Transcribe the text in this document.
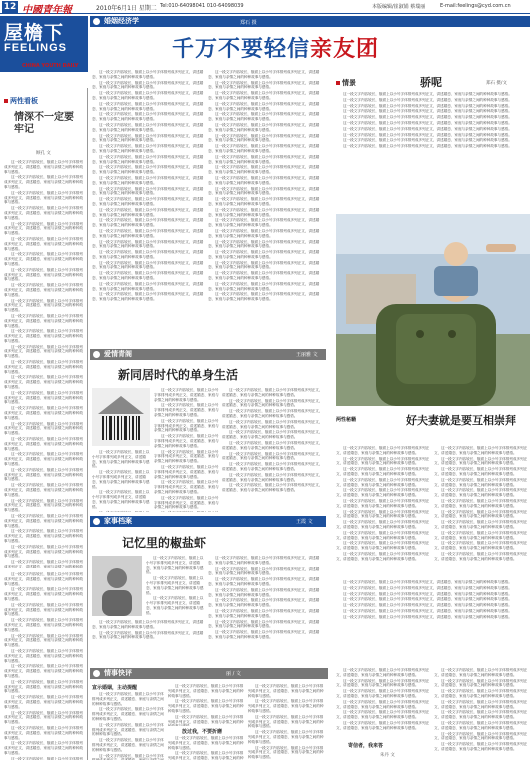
12 中國青年報	2010年6月1日 星期二 Tel:010-64098041 010-64098039	本版编辑/崔淑娟 蔡瑞丽	E-mail:feelings@cyd.com.cn
屋檐下
FEELINGS
CHINA YOUTH DAILY
婚姻经济学	郑石 摄
千万不要轻信亲友团
两性看板
情深不一定要牢记
顾孔 文

这一段文字内容较长，版面上以小号字体排列成多列正文，讲述婚恋、家庭与亲情之间的种种故事与感悟。

这一段文字内容较长，版面上以小号字体排列成多列正文，讲述婚恋、家庭与亲情之间的种种故事与感悟。

这一段文字内容较长，版面上以小号字体排列成多列正文，讲述婚恋、家庭与亲情之间的种种故事与感悟。

这一段文字内容较长，版面上以小号字体排列成多列正文，讲述婚恋、家庭与亲情之间的种种故事与感悟。

这一段文字内容较长，版面上以小号字体排列成多列正文，讲述婚恋、家庭与亲情之间的种种故事与感悟。

这一段文字内容较长，版面上以小号字体排列成多列正文，讲述婚恋、家庭与亲情之间的种种故事与感悟。

这一段文字内容较长，版面上以小号字体排列成多列正文，讲述婚恋、家庭与亲情之间的种种故事与感悟。

这一段文字内容较长，版面上以小号字体排列成多列正文，讲述婚恋、家庭与亲情之间的种种故事与感悟。

这一段文字内容较长，版面上以小号字体排列成多列正文，讲述婚恋、家庭与亲情之间的种种故事与感悟。

这一段文字内容较长，版面上以小号字体排列成多列正文，讲述婚恋、家庭与亲情之间的种种故事与感悟。

这一段文字内容较长，版面上以小号字体排列成多列正文，讲述婚恋、家庭与亲情之间的种种故事与感悟。

这一段文字内容较长，版面上以小号字体排列成多列正文，讲述婚恋、家庭与亲情之间的种种故事与感悟。

这一段文字内容较长，版面上以小号字体排列成多列正文，讲述婚恋、家庭与亲情之间的种种故事与感悟。

这一段文字内容较长，版面上以小号字体排列成多列正文，讲述婚恋、家庭与亲情之间的种种故事与感悟。

这一段文字内容较长，版面上以小号字体排列成多列正文，讲述婚恋、家庭与亲情之间的种种故事与感悟。

这一段文字内容较长，版面上以小号字体排列成多列正文，讲述婚恋、家庭与亲情之间的种种故事与感悟。

这一段文字内容较长，版面上以小号字体排列成多列正文，讲述婚恋、家庭与亲情之间的种种故事与感悟。

这一段文字内容较长，版面上以小号字体排列成多列正文，讲述婚恋、家庭与亲情之间的种种故事与感悟。

这一段文字内容较长，版面上以小号字体排列成多列正文，讲述婚恋、家庭与亲情之间的种种故事与感悟。

这一段文字内容较长，版面上以小号字体排列成多列正文，讲述婚恋、家庭与亲情之间的种种故事与感悟。

这一段文字内容较长，版面上以小号字体排列成多列正文，讲述婚恋、家庭与亲情之间的种种故事与感悟。

这一段文字内容较长，版面上以小号字体排列成多列正文，讲述婚恋、家庭与亲情之间的种种故事与感悟。

这一段文字内容较长，版面上以小号字体排列成多列正文，讲述婚恋、家庭与亲情之间的种种故事与感悟。

这一段文字内容较长，版面上以小号字体排列成多列正文，讲述婚恋、家庭与亲情之间的种种故事与感悟。

这一段文字内容较长，版面上以小号字体排列成多列正文，讲述婚恋、家庭与亲情之间的种种故事与感悟。

这一段文字内容较长，版面上以小号字体排列成多列正文，讲述婚恋、家庭与亲情之间的种种故事与感悟。

这一段文字内容较长，版面上以小号字体排列成多列正文，讲述婚恋、家庭与亲情之间的种种故

这一段文字内容较长，版面上以小号字体排列成多列正文，讲述婚恋、家庭与亲情之间的种种故事与感悟。

这一段文字内容较长，版面上以小号字体排列成多列正文，讲述婚恋、家庭与亲情之间的种种故事与感悟。

这一段文字内容较长，版面上以小号字体排列成多列正文，讲述婚恋、家庭与亲情之间的种种故事与感悟。

这一段文字内容较长，版面上以小号字体排列成多列正文，讲述婚恋、家庭与亲情之间的种种故事与感悟。

这一段文字内容较长，版面上以小号字体排列成多列正文，讲述婚恋、家庭与亲情之间的种种故事与感悟。

这一段文字内容较长，版面上以小号字体排列成多列正文，讲述婚恋、家庭与亲情之间的种种故事与感悟。

这一段文字内容较长，版面上以小号字体排列成多列正文，讲述婚恋、家庭与亲情之间的种种故事与感悟。

这一段文字内容较长，版面上以小号字体排列成多列正文，讲述婚恋、家庭与亲情之间的种种故事与感悟。

这一段文字内容较长，版面上以小号字体排列成多列正文，讲述婚恋、家庭与亲情之间的种种故事与感悟。

这一段文字内容较长，版面上以小号字体排列成多列正文，讲述婚恋、家庭与亲情之间的种种故事与感悟。

这一段文字内容较长，版面上以小号字体排列成多列正文，讲述婚恋、家庭与亲情之间的种种故事与感悟。

这一段文字内容较长，版面上以小号字体排列成多列正文，讲述婚恋、家庭与亲情之间的种种故事与感悟。

这一段文字内容较长，版面上以小号字体排列

这一段文字内容较长，版面上以小号字体排列成多列正文，讲述婚恋、家庭与亲情之间的种种故事与感悟。

这一段文字内容较长，版面上以小号字体排列成多列正文，讲述婚恋、家庭与亲情之间的种种故事与感悟。

这一段文字内容较长，版面上以小号字体排列成多列正文，讲述婚恋、家庭与亲情之间的种种故事与感悟。

这一段文字内容较长，版面上以小号字体排列成多列正文，讲述婚恋、家庭与亲情之间的种种故事与感悟。

这一段文字内容较长，版面上以小号字体排列成多列正文，讲述婚恋、家庭与亲情之间的种种故事与感悟。

这一段文字内容较长，版面上以小号字体排列成多列正文，讲述婚恋、家庭与亲情之间的种种故事与感悟。

这一段文字内容较长，版面上以小号字体排列成多列正文，讲述婚恋、家庭与亲情之间的种种故事与感悟。

这一段文字内容较长，版面上以小号字体排列成多列正文，讲述婚恋、家庭与亲情之间的种种故事与感悟。

这一段文字内容较长，版面上以小号字体排列成多列正文，讲述婚恋、家庭与亲情之间的种种故事与感悟。

这一段文字内容较长，版面上以小号字体排列成多列正文，讲述婚恋、家庭与亲情之间的种种故事与感悟。

这一段文字内容较长，版面上以小号字体排列成多列正文，讲述婚恋、家庭与亲情之间的种种故事与感悟。

这一段文字内容较长，版面上以小号字体排列成多列正文，讲述婚恋、家庭与亲情之间的种种故事与感悟。

这一段文字内容较长，版面上以小号字体排列成多列正文，讲述婚恋、家庭与亲情之间的种种故事与感悟。

这一段文字内容较长，版面上以小号字体排列成多列正文，讲述婚恋、家庭与亲情之间的种种故事与感悟。

这一段文字内容较长，版面上以小号字体排列成多列正文，讲述婚恋、家庭与亲情之间的种种故事与感悟。

这一段文字内容较长，版面上以小号字体排列成多列正文，讲述婚恋、家庭与亲情之间的种种故事与感悟。

这一段文字内容较长，版面上以小号字体排列成多列正文，讲述婚恋、家庭与亲情之间的种种故事与感悟。

这一段文字内容较长，版面上以小号字体排列成多列正文，讲述婚恋、家庭与亲情之间的种种故事与感悟。

这一段文字内容较长，版面上以小号字体排列成多列正文，讲述婚恋、家庭与亲情之间的种种故事与感悟。

这一段文字内容较长，版面上以小号字体排列成多列正文，讲述婚恋、家庭与亲情之间的种种故事与感悟。

这一段文字内容较长，版面上以小号字体排列成多列正文，讲述婚恋、家庭与亲情之间的种种故事与感悟。

这一段文字内容较长，版面上以小号字体排列成多列正文，讲述婚恋、家庭与亲情之间的种种故事与感悟。

这一段文字内容较长，版面上以小号字体排列成多列正文，讲述婚恋、家庭与亲情之间的种种故事与感悟。

这一段文字内容较长，版面上以小号字体排列成多列正文，讲述婚恋、家庭与亲情之间的种种故事与感悟。

这一段文字内容较长，版面上以小号字体排列成多列正文，讲述婚恋、家庭与亲情之间的种种故事与感悟。

这一段文字内容较长，版面上以小号字体排列成多列正文，讲述婚恋、家庭与亲情之间的种种故事与感悟。

这一段文字内容较长，版面上以小号字体排列成多列正文，讲述婚恋、家庭与亲情之间的种种故事与感悟。

这一段文字内容较长，版面上以小号字体排列成多列正文，讲述婚恋、家庭与亲情之间的种种故事与感悟。

这一段文字内容较长，版面上以小号字体排列成多列正文，讲述婚恋、家庭与亲情之间的种种故事与感悟。

这一段文字内容较长，版面上以小号字体排列成多列正文，讲述婚恋、家庭与亲情之间的种种故事与感悟。

这一段文字内容较长，版面上以小号字体排列成多列正文，讲述婚恋、家庭与亲情之间的种种故事与感悟。

这一段文字内容较长，版面上以小号字体排列成多列正文，讲述婚恋、家庭与亲情之间的种种故事与感悟。

这一段文字内容较长，版面上以小号字体排列成多列正文，讲述婚恋、家庭与亲情之间的种种故事与感悟。

这一段文字内容较长，版面上以小号字体排列成多列正文，讲述婚恋、家庭与亲情之间的种种故事与感悟。

这一段文字内容较长，版面上以小号字体排列成多列正文，讲述婚恋、家庭与亲情之间的种种故事与感悟。

这一段文字内容较长，版面上以小号字体排列成多列正文，讲述婚恋、家庭与亲情之间的种种故事与感悟。

这一段文字内容较长，版面上以小号字体排列成多列正文，讲述婚恋、家庭与亲情之间的种种故事与感悟。

这一段文字内容较长，版面上以小号字体排列成多列正文，讲述婚恋、家庭与亲情之间的种种故事与感悟。

这一段文字内容较长，版面上以小号字体排列成多列正文，讲述婚恋、家庭与亲情之间的种种故事与感悟。

这一段文字内容较长，版面上以小号字体排列成多列正文，讲述婚恋、家庭与亲情之间的种种故事与感悟。

这一段文字内容较长，版面上以小号字体排列成多列正文，讲述婚恋、家庭与亲情之间的种种故事与感悟。

这一段文字内容较长，版面上以小号字体排列成多列正文，讲述婚恋、家庭与亲情之间的种种故事与感悟。

这一段文字内容较长，版面上以小号字体排列成多列正文，讲述婚恋、家庭与亲情之间的种种故事与感悟。

这一段文字内容较长，版面上以小号字体排列成多列正文，讲述婚恋、家庭与亲情之间的种种故事与感悟。

情景	骄呢	郑石 摄/文

这一段文字内容较长，版面上以小号字体排列成多列正文，讲述婚恋、家庭与亲情之间的种种故事与感悟。

这一段文字内容较长，版面上以小号字体排列成多列正文，讲述婚恋、家庭与亲情之间的种种故事与感悟。

这一段文字内容较长，版面上以小号字体排列成多列正文，讲述婚恋、家庭与亲情之间的种种故事与感悟。

这一段文字内容较长，版面上以小号字体排列成多列正文，讲述婚恋、家庭与亲情之间的种种故事与感悟。

这一段文字内容较长，版面上以小号字体排列成多列正文，讲述婚恋、家庭与亲情之间的种种故事与感悟。

这一段文字内容较长，版面上以小号字体排列成多列正文，讲述婚恋、家庭与亲情之间的种种故事与感悟。

这一段文字内容较长，版面上以小号字体排列成多列正文，讲述婚恋、家庭与亲情之间的种种故事与感悟。

这一段文字内容较长，版面上以小号字体排列成多列正文，讲述婚恋、家庭与亲情之间的种种故事与感悟。

这一段文字内容较长，版面上以小号字体排列成多列正文，讲述婚恋、家庭与亲情之间的种种故事与感悟。

这一段文字内容较长，版面上以小号字体排列成多列正文，讲述婚恋、家庭与亲情之间的种种故事与感悟。

爱情青阁	王丽雅 文
新同居时代的单身生活

这一段文字内容较长，版面上以小号字体排列成多列正文，讲述婚恋、家庭与亲情之间的种种故事与感悟。

这一段文字内容较长，版面上以小号字体排列成多列正文，讲述婚恋、家庭与亲情之间的种种故事与感悟。

这一段文字内容较长，版面上以小号字体排列成多列正文，讲述婚恋、家庭与亲情之间的种种故事与感悟。

这一段文字内容较长，版面上以小号字体排列成多列正文，讲述婚恋、家庭与亲情之间的种种故事与感悟。

这一段文字内容较长，版面上以小号字体排列成多列正文，讲述婚恋、家庭与亲情之间的种种故事与感悟。

这一段文字内容较长，版面上以小号字体排列成多列正文，讲述婚恋、家庭与亲情之间的种种故事与感悟。

这一段文字内容较长，版面上以小号字体排列成多列正文，讲述婚恋、家庭与亲情之间的种种故事与感悟。

这一段文字内容较长，版面上以小号字体排列成多列正文，讲述婚恋、家庭与亲情之间的种种故事与感悟。

这一段文字内容较长，版面上以小号字体排列成多列正文，讲述婚恋、家庭与亲情之间的种种故事与感悟。

这一段文字内容较长，版面上以小号字体排列成多列正文，讲述婚恋、家庭与亲情之间的种种故事与感悟。

这一段文字内容较长，版面上以小号字体排列成多列正文，讲述婚恋、家庭与亲情之间的种种故事与感悟。

这一段文字内容较长，版面上以小号字体排列成多列正文，讲述婚恋、家庭与亲情之间的种种故事与感悟。

这一段文字内容较长，版面上以小号字体排列成多列正文，讲述婚恋、家庭与亲情之间的种种故事与感悟。

这一段文字内容较长，版面上以小号字体排列成多列正文，讲述婚恋、家庭与亲情之间的种种故事与感悟。

这一段文字内容较长，版面上以小号字体排列成多列正文，讲述婚恋、家庭与亲情之间的种种故事与感悟。

这一段文字内容较长，版面上以小号字体排列成多列正文，讲述婚恋、家庭与亲情之间的种种故事与感悟。

这一段文字内容较长，版面上以小号字体排列成多列正文，讲述婚恋、家庭与亲情之间的种种故事与感悟。

这一段文字内容较长，版面上以小号字体排列成多列正文，讲述婚恋、家庭与亲情之间的种种故事与感悟。

这一段文字内容较长，版面上以小号字体排列成多列正文，讲述婚恋、家庭与亲情之间的种种故事与感悟。

这一段文字内容较长，版面上以小号字体排列成多列正文，讲述婚恋、家庭与亲情之间的种种故事与感悟。

这一段文字内容较长，版面上以小号字体排列成多列正文，讲述婚恋、家庭与亲情之间的种种故事与感悟。

两性秘籍	好夫妻就是要互相崇拜

这一段文字内容较长，版面上以小号字体排列成多列正文，讲述婚恋、家庭与亲情之间的种种故事与感悟。

这一段文字内容较长，版面上以小号字体排列成多列正文，讲述婚恋、家庭与亲情之间的种种故事与感悟。

这一段文字内容较长，版面上以小号字体排列成多列正文，讲述婚恋、家庭与亲情之间的种种故事与感悟。

这一段文字内容较长，版面上以小号字体排列成多列正文，讲述婚恋、家庭与亲情之间的种种故事与感悟。

这一段文字内容较长，版面上以小号字体排列成多列正文，讲述婚恋、家庭与亲情之间的种种故事与感悟。

这一段文字内容较长，版面上以小号字体排列成多列正文，讲述婚恋、家庭与亲情之间的种种故事与感悟。

这一段文字内容较长，版面上以小号字体排列成多列正文，讲述婚恋、家庭与亲情之间的种种故事与感悟。

这一段文字内容较长，版面上以小号字体排列成多列正文，讲述婚恋、家庭与亲情之间的种种故事与感悟。

这一段文字内容较长，版面上以小号字体排列成多列正文，讲述婚恋、家庭与亲情之间的种种故事与感悟。

这一段文字内容较长，版面上以小号字体排列成多列正文，讲述婚恋、家庭与亲情之间的种种故事与感悟。

这一段文字内容较长，版面上以小号字体排列成多列正文，讲述婚恋、家庭与亲情之间的种种故事与感悟。

这一段文字内容较长，版面上以小号字体排列成多列正文，讲述婚恋、家庭与亲情之间的种种故事与感悟。

这一段文字内容较长，版面上以小号字体排列成多列正文，讲述婚恋、家庭与亲情之间的种种故事与感悟。

这一段文字内容较长，版面上以小号字体排列成多列正文，讲述婚恋、家庭与亲情之间的种种故事与感悟。

这一段文字内容较长，版面上以小号字体排列成多列正文，讲述婚恋、家庭与亲情之间的种种故事与感悟。

这一段文字内容较长，版面上以小号字体排列成多列正文，讲述婚恋、家庭与亲情之间的种种故事与感悟。

这一段文字内容较长，版面上以小号字体排列成多列正文，讲述婚恋、家庭与亲情之间的种种故事与感悟。

这一段文字内容较长，版面上以小号字体排列成多列正文，讲述婚恋、家庭与亲情之间的种种故事与感悟。

这一段文字内容较长，版面上以小号字体排列成多列正文，讲述婚恋、家庭与亲情之间的种种故事与感悟。

这一段文字内容较长，版面上以小号字体排列成多列正文，讲述婚恋、家庭与亲情之间的种种故事与感悟。

这一段文字内容较长，版面上以小号字体排列成多列正文，讲述婚恋、家庭与亲情之间的种种故事与感悟。

这一段文字内容较长，版面上以小号字体排列成多列正文，讲述婚恋、家庭与亲情之间的种种故事与感悟。

家事档案	王霞 文
记忆里的椒盐虾

这一段文字内容较长，版面上以小号字体排列成多列正文，讲述婚恋、家庭与亲情之间的种种故事与感悟。

这一段文字内容较长，版面上以小号字体排列成多列正文，讲述婚恋、家庭与亲情之间的种种故事与感悟。

这一段文字内容较长，版面上以小号字体排列成多列正文，讲述婚恋、家庭与亲情之间的种种故事与感悟。

这一段文字内容较长，版面上以小号字体排列成多列正文，讲述婚恋、家庭与亲情之间的种种故事与感悟。

这一段文字内容较长，版面上以小号字体排列成多列正文，讲述婚恋、家庭与亲情之间的种种故事与感悟。

这一段文字内容较长，版面上以小号字体排列成多列正文，讲述婚恋、家庭与亲情之间的种种故事与感悟。

这一段文字内容较长，版面上以小号字体排列成多列正文，讲述婚恋、家庭与亲情之间的种种故事与感悟。

这一段文字内容较长，版面上以小号字体排列成多列正文，讲述婚恋、家庭与亲情之间的种种故事与感悟。

这一段文字内容较长，版面上以小号字体排列成多列正文，讲述婚恋、家庭与亲情之间的种种故事与感悟。

这一段文字内容较长，版面上以小号字体排列成多列正文，讲述婚恋、家庭与亲情之间的种种故事与感悟。

这一段文字内容较长，版面上以小号字体排列成多列正文，讲述婚恋、家庭与亲情之间的种种故事与感悟。

这一段文字内容较长，版面上以小号字体排列成多列正文，讲述婚恋、家庭与亲情之间的种种故事与感悟。

这一段文字内容较长，版面上以小号字体排列成多列正文，讲述婚恋、家庭与亲情之间的种种故事与感悟。

这一段文字内容较长，版面上以小号字体排列成多列正文，讲述婚恋、家庭与亲情之间的种种故事与感悟。

这一段文字内容较长，版面上以小号字体排列成多列正文，讲述婚恋、家庭与亲情之间的种种故事与感悟。

这一段文字内容较长，版面上以小号字体排列成多列正文，讲述婚恋、家庭与亲情之间的种种故事与感悟。

这一段文字内容较长，版面上以小号字体排列成多列正文，讲述婚恋、家庭与亲情之间的种种故事与感悟。

这一段文字内容较长，版面上以小号字体排列成多列正文，讲述婚恋、家庭与亲情之间的种种故事与感悟。

这一段文字内容较长，版面上以小号字体排列成多列正文，讲述婚恋、家庭与亲情之间的种种故事与感悟。

这一段文字内容较长，版面上以小号字体排列成多列正文，讲述婚恋、家庭与亲情之间的种种故事与感悟。

情事快评	丽 / 文
宣示婚姻，主动提醒

这一段文字内容较长，版面上以小号字体排列成多列正文，讲述婚恋、家庭与亲情之间的种种故事与感悟。

这一段文字内容较长，版面上以小号字体排列成多列正文，讲述婚恋、家庭与亲情之间的种种故事与感悟。

这一段文字内容较长，版面上以小号字体排列成多列正文，讲述婚恋、家庭与亲情之间的种种故事与感悟。

这一段文字内容较长，版面上以小号字体排列成多列正文，讲述婚恋、家庭与亲情之间的种种故事与感悟。

这一段文字内容较长，版面上以小号字体

这一段文字内容较长，版面上以小号字体排列成多列正文，讲述婚恋、家庭与亲情之间的种种故事与感悟。

这一段文字内容较长，版面上以小号字体排列成多列正文，讲述婚恋、家庭与亲情之间的种种故事与感悟。

这一段文字内容较长，版面上以小号字体排列成多列正文，讲述婚恋、家庭与亲情之间的种

放过我，不要折磨

这一段文字内容较长，版面上以小号字体排列成多列正文，讲述婚恋、家庭与亲情之间的种种故事与感悟。

这一段文字内容较长，版面上以小号字体排列成多列正文，讲述婚恋、家庭与亲情之间的种

这一段文字内容较长，版面上以小号字体排列成多列正文，讲述婚恋、家庭与亲情之间的种种故事与感悟。

这一段文字内容较长，版面上以小号字体排列成多列正文，讲述婚恋、家庭与亲情之间的种种故事与感悟。

这一段文字内容较长，版面上以小号字体排列成多列正文，讲述婚恋、家庭与亲情之间的种种故事与感悟。

这一段文字内容较长，版面上以小号字体排列成多列正文，讲述婚恋、家庭与亲情之间的种种故事与感悟。

这一段文字内容较长，版面上以小号字体排列成多列正文，讲述婚恋、家庭与亲情之间的种种故事与感悟。

这一段文字内容较长，版面上以小号字体排列成多列正文，讲述婚恋、家庭与亲情之间的种种故事与感悟。

这一段文字内容较长，版面上以小号字体排列成多列正文，讲述婚恋、家庭与亲情之间的种种故事与感悟。

这一段文字内容较长，版面上以小号字体排列成多列正文，讲述婚恋、家庭与亲情之间的种种故事与感悟。

这一段文字内容较长，版面上以小号字体排列成多列正文，讲述婚恋、家庭与亲情之间的种种故事与感悟。

这一段文字内容较长，版面上以小号字体排列成多列正文，讲述婚恋、家庭与亲情之间的种种故事与感悟。

这一段文字内容较长，版面上以小号字体排列成多列正文，讲述婚恋、家庭与亲情之间的种种故事与感悟。

寄信者，我来答

这一段文字内容较长，版面上以小号字体排列成多列正文，讲述婚恋、家庭与亲情之间的种种故事与感悟。

这一段文字内容较长，版面上以小号字体排列成多列正文，讲述婚恋、家庭与亲情之间的种种故事与感悟。

这一段文字内容较长，版面上以小号字体排列成多列正文，讲述婚恋、家庭与亲情之间的种种故事与感悟。

这一段文字内容较长，版面上以小号字体排列成多列正文，讲述婚恋、家庭与亲情之间的种种故事与感悟。

这一段文字内容较长，版面上以小号字体排列成多列正文，讲述婚恋、家庭与亲情之间的种种故事与感悟。

这一段文字内容较长，版面上以小号字体排列成多列正文，讲述婚恋、家庭与亲情之间的种种故事与感悟。

这一段文字内容较长，版面上以小号字体排列成多列正文，讲述婚恋、家庭与亲情之间的种种故事与感悟。

这一段文字内容较长，版面上以小号字体排列成多列正文，讲述婚恋、家庭与亲情之间的种种故事与感悟。

朱丹 文
